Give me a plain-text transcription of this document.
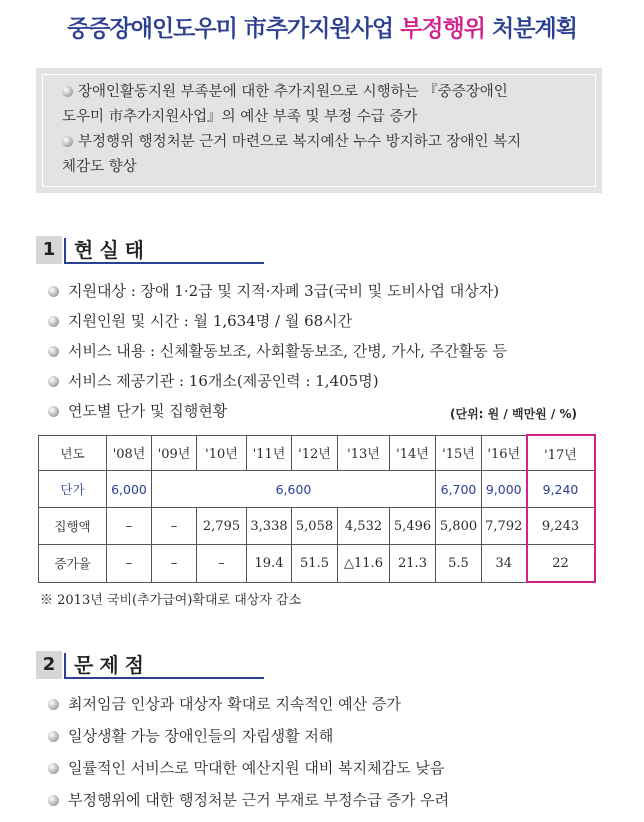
중증장애인도우미 市추가지원사업 부정행위 처분계획
장애인활동지원 부족분에 대한 추가지원으로 시행하는 『중증장애인
도우미 市추가지원사업』의 예산 부족 및 부정 수급 증가
부정행위 행정처분 근거 마련으로 복지예산 누수 방지하고 장애인 복지
체감도 향상
1 현실태
지원대상 : 장애 1·2급 및 지적·자폐 3급(국비 및 도비사업 대상자)
지원인원 및 시간 : 월 1,634명 / 월 68시간
서비스 내용 : 신체활동보조, 사회활동보조, 간병, 가사, 주간활동 등
서비스 제공기관 : 16개소(제공인력 : 1,405명)
연도별 단가 및 집행현황	(단위: 원 / 백만원 / %)
년도	'08년	'09년	'10년	'11년	'12년	'13년	'14년	'15년	'16년	'17년
단가	6,000	6,600						6,700	9,000	9,240
집행액	–	–	2,795	3,338	5,058	4,532	5,496	5,800	7,792	9,243
증가율	–	–	–	19.4	51.5	△11.6	21.3	5.5	34	22
※ 2013년 국비(추가급여)확대로 대상자 감소
2 문제점
최저임금 인상과 대상자 확대로 지속적인 예산 증가
일상생활 가능 장애인들의 자립생활 저해
일률적인 서비스로 막대한 예산지원 대비 복지체감도 낮음
부정행위에 대한 행정처분 근거 부재로 부정수급 증가 우려
